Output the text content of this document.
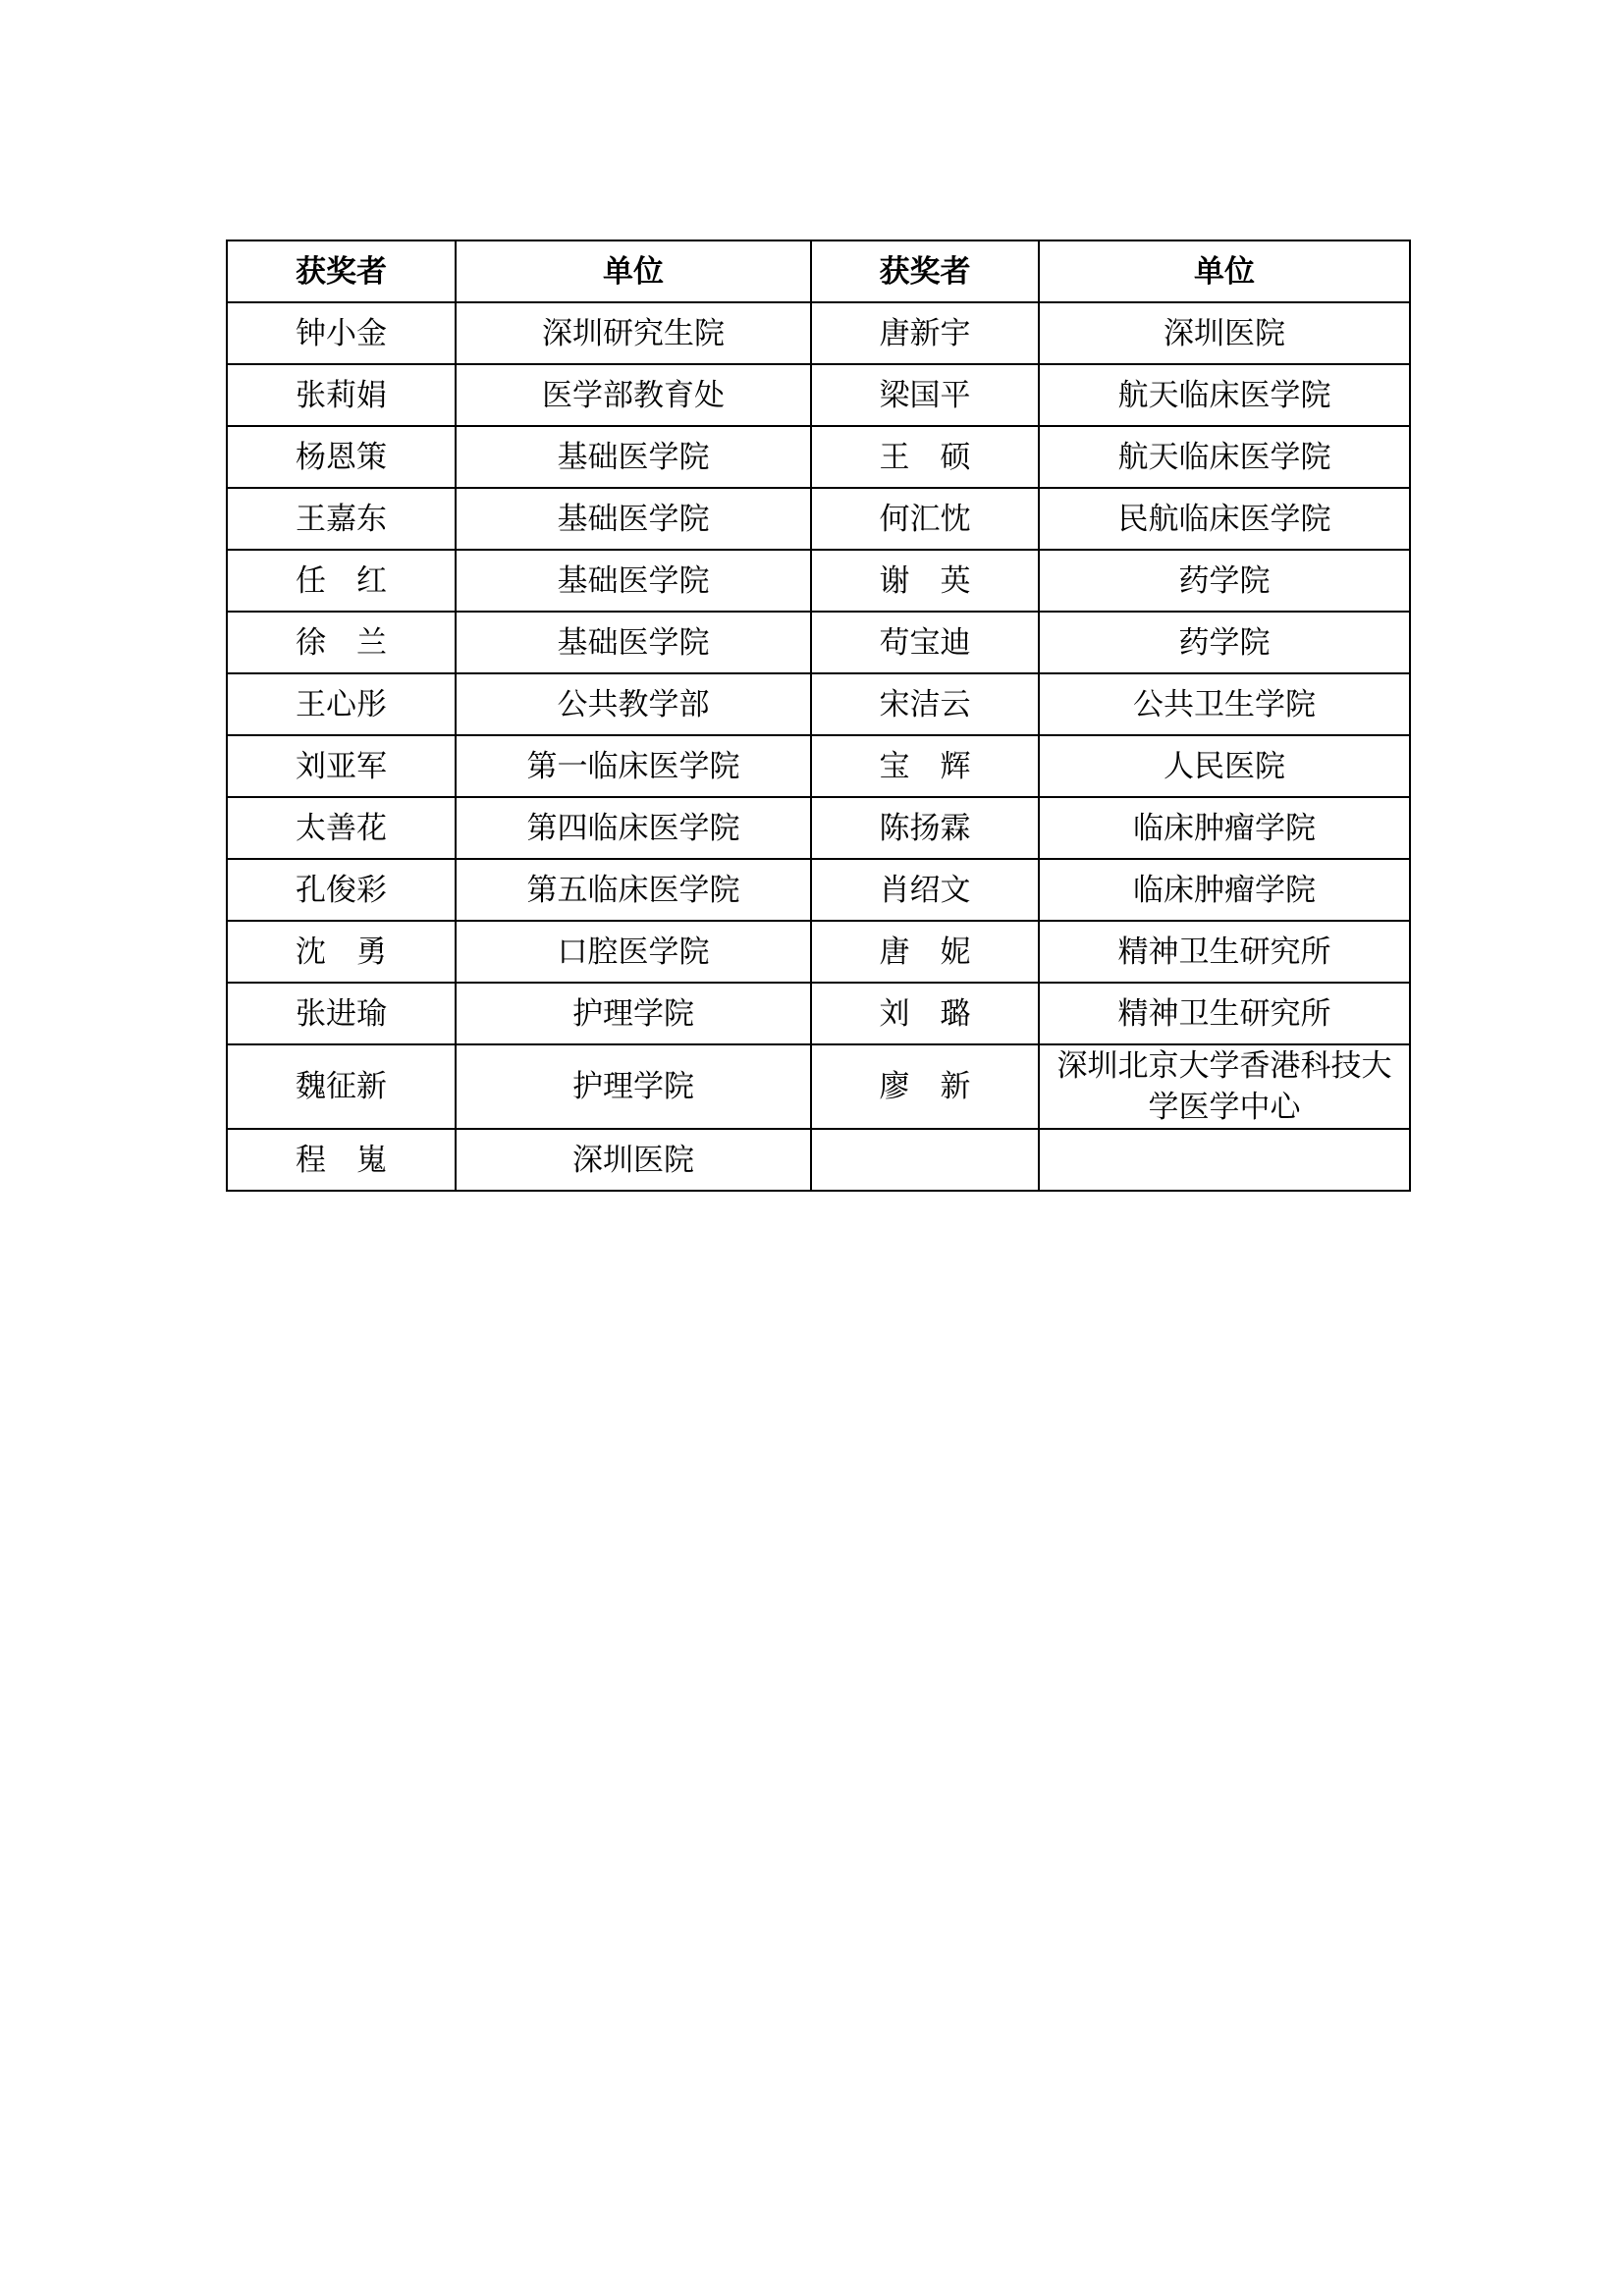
获奖者	单位	获奖者	单位
钟小金	深圳研究生院	唐新宇	深圳医院
张莉娟	医学部教育处	梁国平	航天临床医学院
杨恩策	基础医学院	王　硕	航天临床医学院
王嘉东	基础医学院	何汇忱	民航临床医学院
任　红	基础医学院	谢　英	药学院
徐　兰	基础医学院	苟宝迪	药学院
王心彤	公共教学部	宋洁云	公共卫生学院
刘亚军	第一临床医学院	宝　辉	人民医院
太善花	第四临床医学院	陈扬霖	临床肿瘤学院
孔俊彩	第五临床医学院	肖绍文	临床肿瘤学院
沈　勇	口腔医学院	唐　妮	精神卫生研究所
张进瑜	护理学院	刘　璐	精神卫生研究所
魏征新	护理学院	廖　新	深圳北京大学香港科技大学医学中心
程　嵬	深圳医院		
